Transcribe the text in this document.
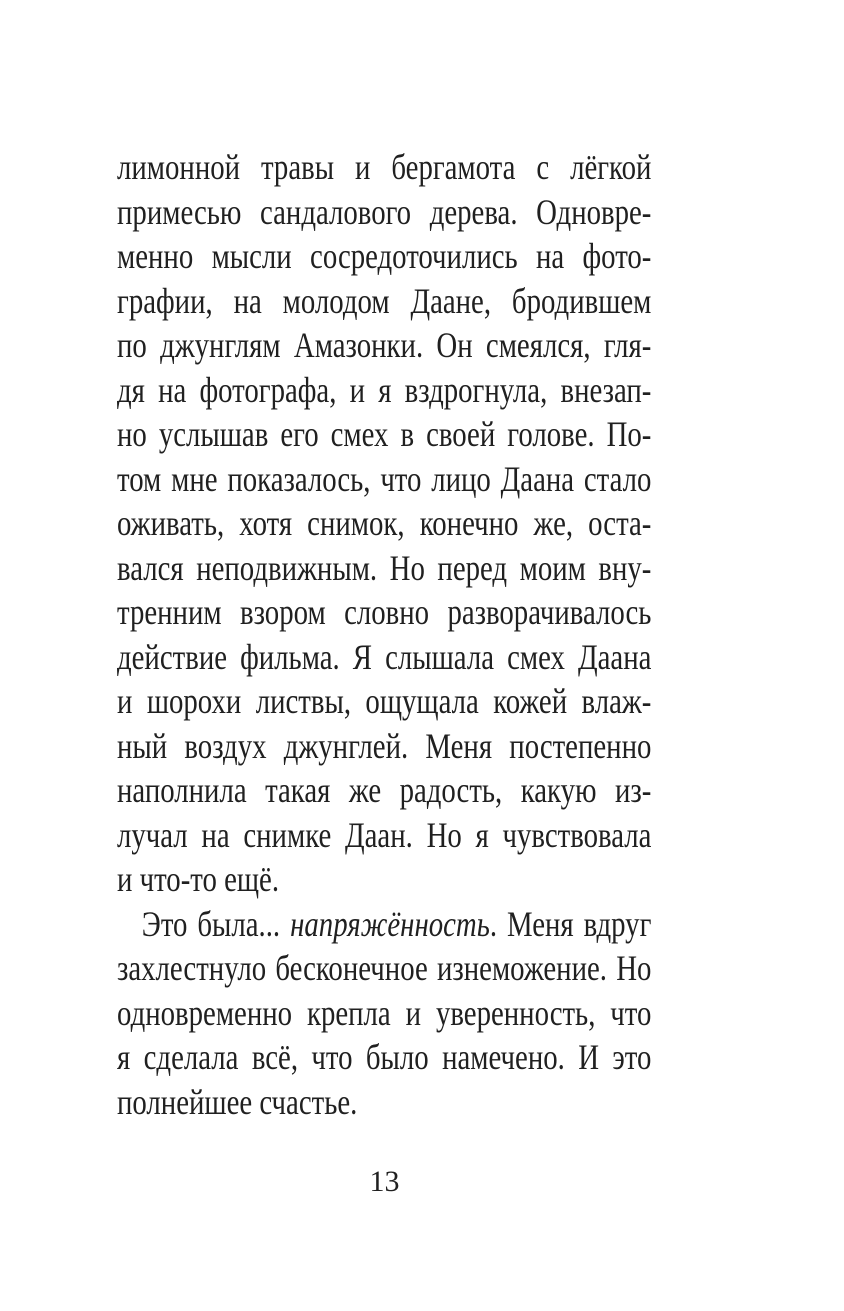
лимонной травы и бергамота с лёгкой
примесью сандалового дерева. Одновре-
менно мысли сосредоточились на фото-
графии, на молодом Даане, бродившем
по джунглям Амазонки. Он смеялся, гля-
дя на фотографа, и я вздрогнула, внезап-
но услышав его смех в своей голове. По-
том мне показалось, что лицо Даана стало
оживать, хотя снимок, конечно же, оста-
вался неподвижным. Но перед моим вну-
тренним взором словно разворачивалось
действие фильма. Я слышала смех Даана
и шорохи листвы, ощущала кожей влаж-
ный воздух джунглей. Меня постепенно
наполнила такая же радость, какую из-
лучал на снимке Даан. Но я чувствовала
и что-то ещё.
Это была... напряжённость. Меня вдруг
захлестнуло бесконечное изнеможение. Но
одновременно крепла и уверенность, что
я сделала всё, что было намечено. И это
полнейшее счастье.
13
